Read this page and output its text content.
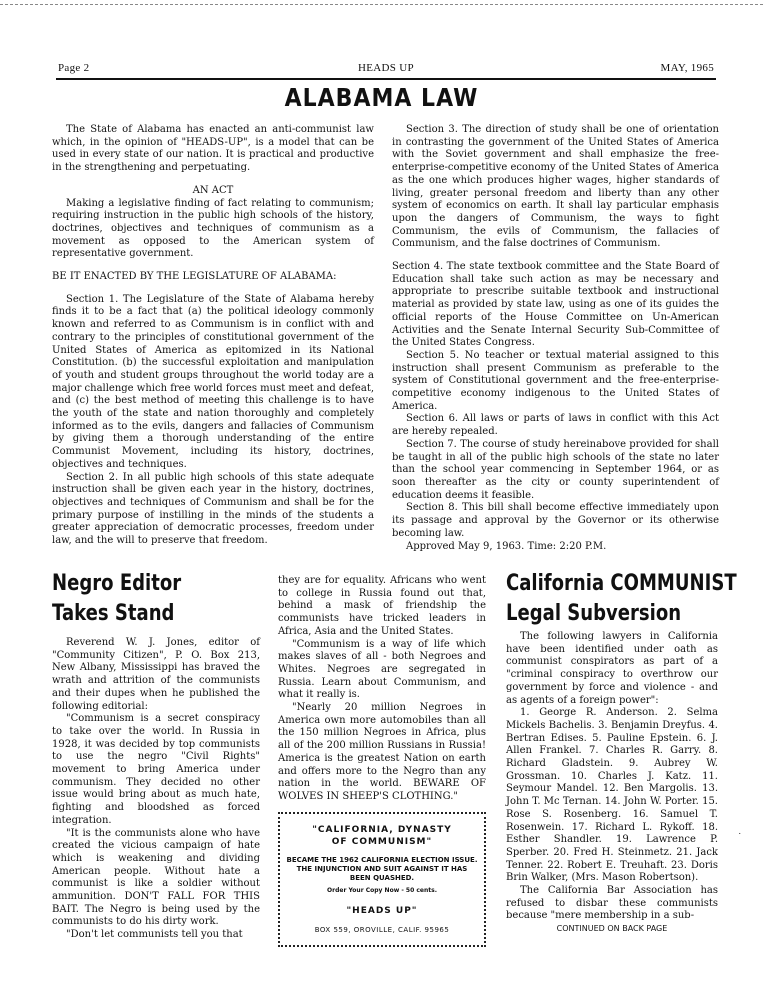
Page 2	HEADS UP	MAY, 1965
ALABAMA LAW

The State of Alabama has enacted an anti-communist law which, in the opinion of "HEADS-UP", is a model that can be used in every state of our nation. It is practical and productive in the strengthening and perpetuating.

AN ACT

Making a legislative finding of fact relating to communism; requiring instruction in the public high schools of the history, doctrines, objectives and techniques of communism as a movement as opposed to the American system of representative government.

BE IT ENACTED BY THE LEGISLATURE OF ALABAMA:

Section 1. The Legislature of the State of Alabama hereby finds it to be a fact that (a) the political ideology commonly known and referred to as Communism is in conflict with and contrary to the principles of constitutional government of the United States of America as epitomized in its National Constitution. (b) the successful exploitation and manipulation of youth and student groups throughout the world today are a major challenge which free world forces must meet and defeat, and (c) the best method of meeting this challenge is to have the youth of the state and nation thoroughly and completely informed as to the evils, dangers and fallacies of Communism by giving them a thorough understanding of the entire Communist Movement, including its history, doctrines, objectives and techniques.

Section 2. In all public high schools of this state adequate instruction shall be given each year in the history, doctrines, objectives and techniques of Communism and shall be for the primary purpose of instilling in the minds of the students a greater appreciation of democratic processes, freedom under law, and the will to preserve that freedom.

Section 3. The direction of study shall be one of orientation in contrasting the government of the United States of America with the Soviet government and shall emphasize the free-enterprise-competitive economy of the United States of America as the one which produces higher wages, higher standards of living, greater personal freedom and liberty than any other system of economics on earth. It shall lay particular emphasis upon the dangers of Communism, the ways to fight Communism, the evils of Communism, the fallacies of Communism, and the false doctrines of Communism.

Section 4. The state textbook committee and the State Board of Education shall take such action as may be necessary and appropriate to prescribe suitable textbook and instructional material as provided by state law, using as one of its guides the official reports of the House Committee on Un-American Activities and the Senate Internal Security Sub-Committee of the United States Congress.

Section 5. No teacher or textual material assigned to this instruction shall present Communism as preferable to the system of Constitutional government and the free-enterprise-competitive economy indigenous to the United States of America.

Section 6. All laws or parts of laws in conflict with this Act are hereby repealed.

Section 7. The course of study hereinabove provided for shall be taught in all of the public high schools of the state no later than the school year commencing in September 1964, or as soon thereafter as the city or county superintendent of education deems it feasible.

Section 8. This bill shall become effective immediately upon its passage and approval by the Governor or its otherwise becoming law.

Approved May 9, 1963. Time: 2:20 P.M.

Negro Editor
Takes Stand

Reverend W. J. Jones, editor of "Community Citizen", P. O. Box 213, New Albany, Mississippi has braved the wrath and attrition of the communists and their dupes when he published the following editorial:

"Communism is a secret conspiracy to take over the world. In Russia in 1928, it was decided by top communists to use the negro "Civil Rights" movement to bring America under communism. They decided no other issue would bring about as much hate, fighting and bloodshed as forced integration.

"It is the communists alone who have created the vicious campaign of hate which is weakening and dividing American people. Without hate a communist is like a soldier without ammunition. DON'T FALL FOR THIS BAIT. The Negro is being used by the communists to do his dirty work.

"Don't let communists tell you that

they are for equality. Africans who went to college in Russia found out that, behind a mask of friendship the communists have tricked leaders in Africa, Asia and the United States.

"Communism is a way of life which makes slaves of all - both Negroes and Whites. Negroes are segregated in Russia. Learn about Communism, and what it really is.

"Nearly 20 million Negroes in America own more automobiles than all the 150 million Negroes in Africa, plus all of the 200 million Russians in Russia! America is the greatest Nation on earth and offers more to the Negro than any nation in the world. BEWARE OF WOLVES IN SHEEP'S CLOTHING."

"CALIFORNIA, DYNASTY
OF COMMUNISM"
BECAME THE 1962 CALIFORNIA ELECTION ISSUE. THE INJUNCTION AND SUIT AGAINST IT HAS BEEN QUASHED.
Order Your Copy Now - 50 cents.
"HEADS UP"
BOX 559, OROVILLE, CALIF. 95965
California COMMUNIST
Legal Subversion

The following lawyers in California have been identified under oath as communist conspirators as part of a "criminal conspiracy to overthrow our government by force and violence - and as agents of a foreign power":

1. George R. Anderson. 2. Selma Mickels Bachelis. 3. Benjamin Dreyfus. 4. Bertran Edises. 5. Pauline Epstein. 6. J. Allen Frankel. 7. Charles R. Garry. 8. Richard Gladstein. 9. Aubrey W. Grossman. 10. Charles J. Katz. 11. Seymour Mandel. 12. Ben Margolis. 13. John T. Mc Ternan. 14. John W. Porter. 15. Rose S. Rosenberg. 16. Samuel T. Rosenwein. 17. Richard L. Rykoff. 18. Esther Shandler. 19. Lawrence P. Sperber. 20. Fred H. Steinmetz. 21. Jack Tenner. 22. Robert E. Treuhaft. 23. Doris Brin Walker, (Mrs. Mason Robertson).

The California Bar Association has refused to disbar these communists because "mere membership in a sub-

CONTINUED ON BACK PAGE
.
